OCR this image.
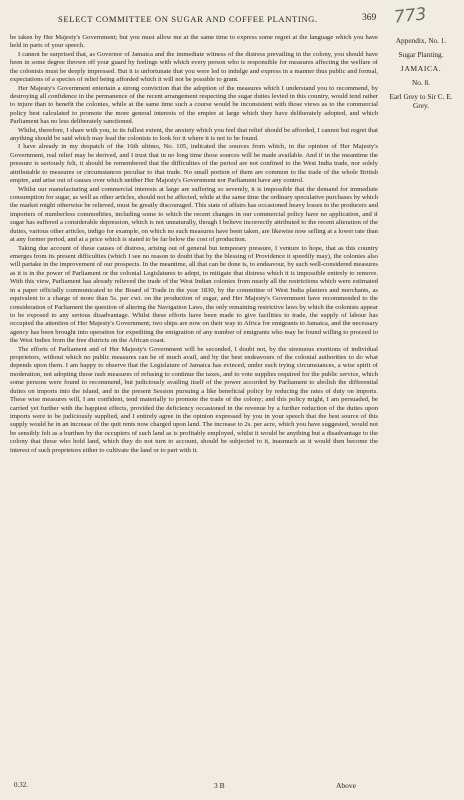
SELECT COMMITTEE ON SUGAR AND COFFEE PLANTING.	369 773

be taken by Her Majesty's Government; but you must allow me at the same time to express some regret at the language which you have held in parts of your speech.

I cannot be surprised that, as Governor of Jamaica and the immediate witness of the distress prevailing in the colony, you should have been in some degree thrown off your guard by feelings with which every person who is responsible for measures affecting the welfare of the colonists must be deeply impressed. But it is unfortunate that you were led to indulge and express in a manner thus public and formal, expectations of a species of relief being afforded which it will not be possible to grant.

Her Majesty's Government entertain a strong conviction that the adoption of the measures which I understand you to recommend, by destroying all confidence in the permanence of the recent arrangement respecting the sugar duties levied in this country, would tend rather to injure than to benefit the colonies, while at the same time such a course would be inconsistent with those views as to the commercial policy best calculated to promote the more general interests of the empire at large which they have deliberately adopted, and which Parliament has no less deliberately sanctioned.

Whilst, therefore, I share with you, to its fullest extent, the anxiety which you feel that relief should be afforded, I cannot but regret that anything should be said which may lead the colonists to look for it where it is not to be found.

I have already in my despatch of the 16th ultimo, No. 105, indicated the sources from which, in the opinion of Her Majesty's Government, real relief may be derived, and I trust that in no long time those sources will be made available. And if in the meantime the pressure is seriously felt, it should be remembered that the difficulties of the period are not confined to the West India trade, nor solely attributable to measures or circumstances peculiar to that trade. No small portion of them are common to the trade of the whole British empire, and arise out of causes over which neither Her Majesty's Government nor Parliament have any control.

Whilst our manufacturing and commercial interests at large are suffering so severely, it is impossible that the demand for immediate consumption for sugar, as well as other articles, should not be affected, while at the same time the ordinary speculative purchases by which the market might otherwise be relieved, must be greatly discouraged. This state of affairs has occasioned heavy losses to the producers and importers of numberless commodities, including some to which the recent changes in our commercial policy have no application, and if sugar has suffered a considerable depression, which is not unnaturally, though I believe incorrectly attributed to the recent alteration of the duties, various other articles, indigo for example, on which no such measures have been taken, are likewise now selling at a lower rate than at any former period, and at a price which is stated to be far below the cost of production.

Taking due account of these causes of distress, arising out of general but temporary pressure, I venture to hope, that as this country emerges from its present difficulties (which I see no reason to doubt that by the blessing of Providence it speedily may), the colonies also will partake in the improvement of our prospects. In the meantime, all that can be done is, to endeavour, by such well-considered measures as it is in the power of Parliament or the colonial Legislatures to adopt, to mitigate that distress which it is impossible entirely to remove. With this view, Parliament has already relieved the trade of the West Indian colonies from nearly all the restrictions which were estimated in a paper officially communicated to the Board of Trade in the year 1830, by the committee of West India planters and merchants, as equivalent to a charge of more than 5s. per cwt. on the production of sugar, and Her Majesty's Government have recommended to the consideration of Parliament the question of altering the Navigation Laws, the only remaining restrictive laws by which the colonists appear to be exposed to any serious disadvantage. Whilst these efforts have been made to give facilities to trade, the supply of labour has occupied the attention of Her Majesty's Government; two ships are now on their way to Africa for emigrants to Jamaica, and the necessary agency has been brought into operation for expediting the emigration of any number of emigrants who may be found willing to proceed to the West Indies from the free districts on the African coast.

The efforts of Parliament and of Her Majesty's Government will be seconded, I doubt not, by the strenuous exertions of individual proprietors, without which no public measures can be of much avail, and by the best endeavours of the colonial authorities to do what depends upon them. I am happy to observe that the Legislature of Jamaica has evinced, under such trying circumstances, a wise spirit of moderation, not adopting those rash measures of refusing to continue the taxes, and to vote supplies required for the public service, which some persons were found to recommend, but judiciously availing itself of the power accorded by Parliament to abolish the differential duties on imports into the island, and in the present Session pursuing a like beneficial policy by reducing the rates of duty on imports. These wise measures will, I am confident, tend materially to promote the trade of the colony; and this policy might, I am persuaded, be carried yet further with the happiest effects, provided the deficiency occasioned in the revenue by a further reduction of the duties upon imports were to be judiciously supplied, and I entirely agree in the opinion expressed by you in your speech that the best source of this supply would be in an increase of the quit rents now charged upon land. The increase to 2s. per acre, which you have suggested, would not be sensibly felt as a burthen by the occupiers of such land as is profitably employed, whilst it would be anything but a disadvantage to the colony that those who hold land, which they do not turn to account, should be subjected to it, inasmuch as it would then become the interest of such proprietors either to cultivate the land or to part with it.

Appendix, No. 1.
Sugar Planting.
JAMAICA.
No. 8.
Earl Grey to Sir C. E. Grey.
0.32.	3 B	Above
